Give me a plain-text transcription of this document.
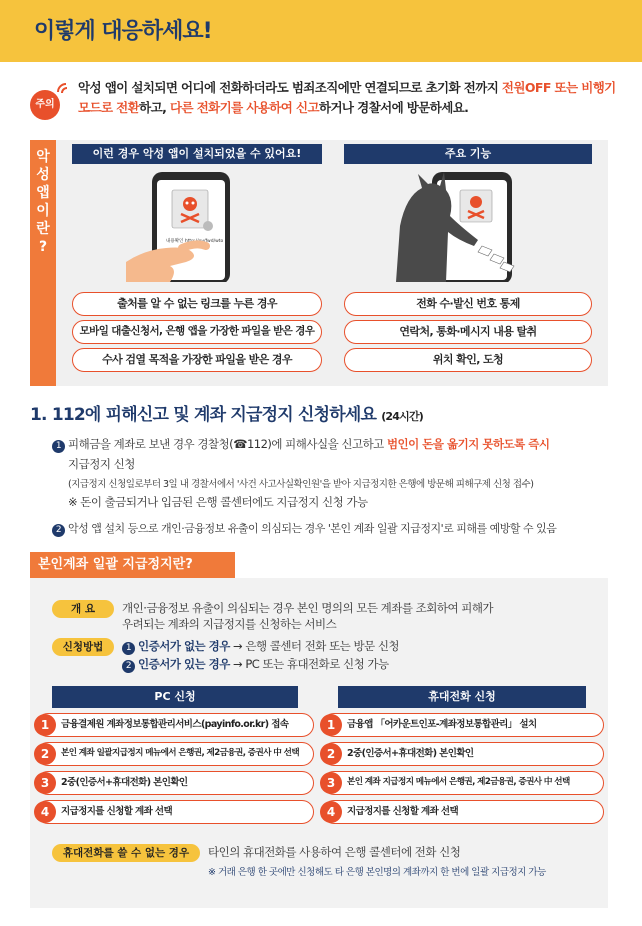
이렇게 대응하세요!
주의
악성 앱이 설치되면 어디에 전화하더라도 범죄조직에만 연결되므로 초기화 전까지 전원OFF 또는 비행기 모드로 전환하고, 다른 전화기를 사용하여 신고하거나 경찰서에 방문하세요.
악
성
앱
이
란
?
이런 경우 악성 앱이 설치되었을 수 있어요!	주요 기능
내용확인 http://ey/fwd/wto
출처를 알 수 없는 링크를 누른 경우
모바일 대출신청서, 은행 앱을 가장한 파일을 받은 경우
수사 검열 목적을 가장한 파일을 받은 경우
전화 수·발신 번호 통제
연락처, 통화·메시지 내용 탈취
위치 확인, 도청
1. 112에 피해신고 및 계좌 지급정지 신청하세요 (24시간)
1 피해금을 계좌로 보낸 경우 경찰청(☎112)에 피해사실을 신고하고 범인이 돈을 옮기지 못하도록 즉시
지급정지 신청
(지급정지 신청일로부터 3일 내 경찰서에서 '사건 사고사실확인원'을 받아 지급정지한 은행에 방문해 피해구제 신청 접수)
※ 돈이 출금되거나 입금된 은행 콜센터에도 지급정지 신청 가능
2 악성 앱 설치 등으로 개인·금융정보 유출이 의심되는 경우 '본인 계좌 일괄 지급정지'로 피해를 예방할 수 있음
본인계좌 일괄 지급정지란?
개 요	개인·금융정보 유출이 의심되는 경우 본인 명의의 모든 계좌를 조회하여 피해가
우려되는 계좌의 지급정지를 신청하는 서비스
신청방법	1 인증서가 없는 경우 → 은행 콜센터 전화 또는 방문 신청
2 인증서가 있는 경우 → PC 또는 휴대전화로 신청 가능
PC 신청	휴대전화 신청
금융결제원 계좌정보통합관리서비스(payinfo.or.kr) 접속
1
본인 계좌 일괄지급정지 메뉴에서 은행권, 제2금융권, 증권사 中 선택
2
2중(인증서+휴대전화) 본인확인
3
지급정지를 신청할 계좌 선택
4
금융앱 「어카운트인포-계좌정보통합관리」 설치
1
2중(인증서+휴대전화) 본인확인
2
본인 계좌 지급정지 메뉴에서 은행권, 제2금융권, 증권사 中 선택
3
지급정지를 신청할 계좌 선택
4
휴대전화를 쓸 수 없는 경우	타인의 휴대전화를 사용하여 은행 콜센터에 전화 신청
※ 거래 은행 한 곳에만 신청해도 타 은행 본인명의 계좌까지 한 번에 일괄 지급정지 가능
